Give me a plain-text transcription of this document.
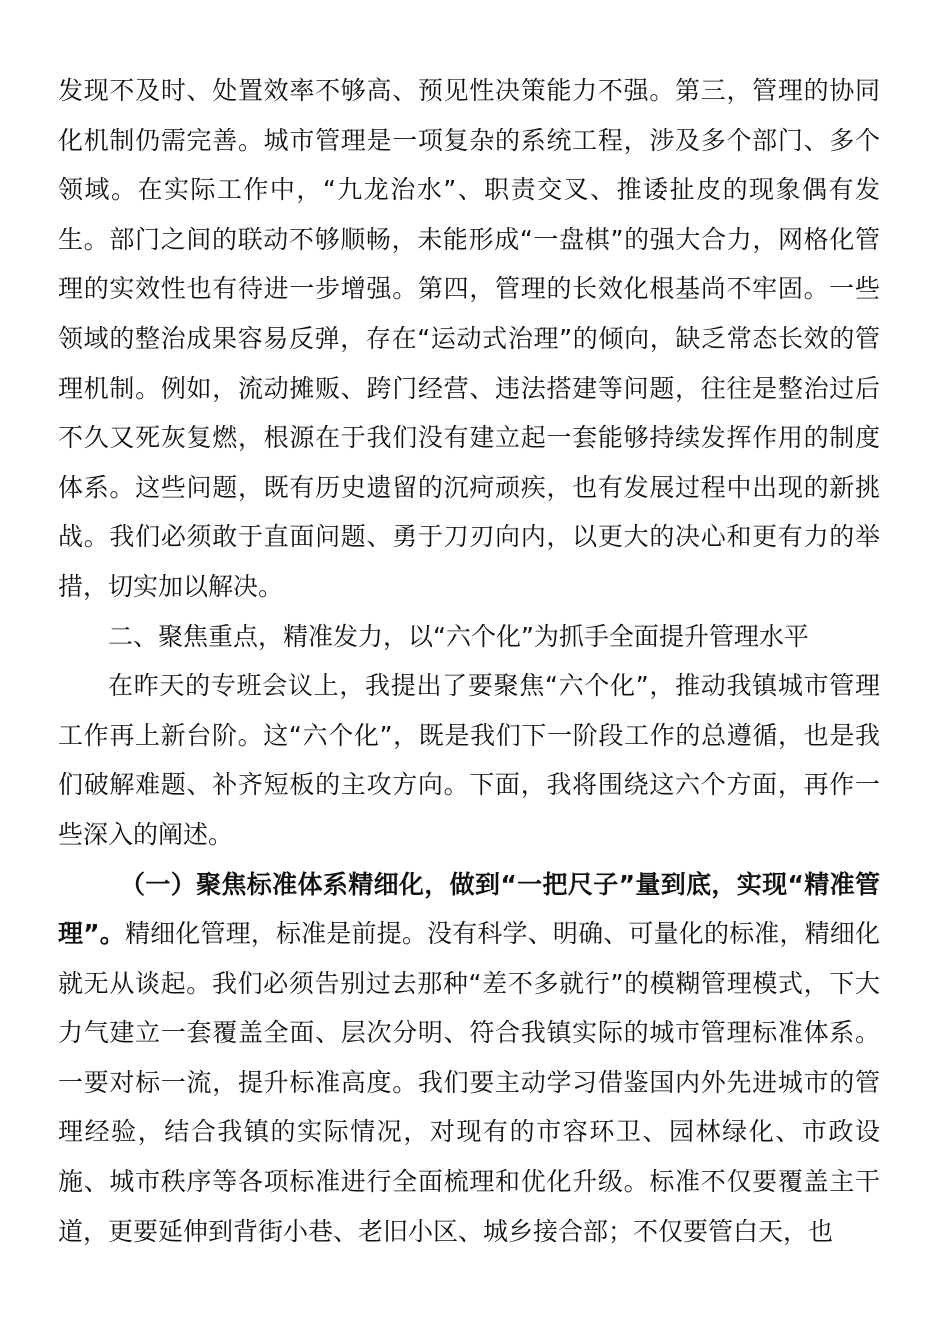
发现不及时、处置效率不够高、预见性决策能力不强。第三，管理的协同化机制仍需完善。城市管理是一项复杂的系统工程，涉及多个部门、多个领域。在实际工作中，“九龙治水”、职责交叉、推诿扯皮的现象偶有发生。部门之间的联动不够顺畅，未能形成“一盘棋”的强大合力，网格化管理的实效性也有待进一步增强。第四，管理的长效化根基尚不牢固。一些领域的整治成果容易反弹，存在“运动式治理”的倾向，缺乏常态长效的管理机制。例如，流动摊贩、跨门经营、违法搭建等问题，往往是整治过后不久又死灰复燃，根源在于我们没有建立起一套能够持续发挥作用的制度体系。这些问题，既有历史遗留的沉疴顽疾，也有发展过程中出现的新挑战。我们必须敢于直面问题、勇于刀刃向内，以更大的决心和更有力的举措，切实加以解决。

二、聚焦重点，精准发力，以“六个化”为抓手全面提升管理水平

在昨天的专班会议上，我提出了要聚焦“六个化”，推动我镇城市管理工作再上新台阶。这“六个化”，既是我们下一阶段工作的总遵循，也是我们破解难题、补齐短板的主攻方向。下面，我将围绕这六个方面，再作一些深入的阐述。

（一）聚焦标准体系精细化，做到“一把尺子”量到底，实现“精准管理”。精细化管理，标准是前提。没有科学、明确、可量化的标准，精细化就无从谈起。我们必须告别过去那种“差不多就行”的模糊管理模式，下大力气建立一套覆盖全面、层次分明、符合我镇实际的城市管理标准体系。一要对标一流，提升标准高度。我们要主动学习借鉴国内外先进城市的管理经验，结合我镇的实际情况，对现有的市容环卫、园林绿化、市政设施、城市秩序等各项标准进行全面梳理和优化升级。标准不仅要覆盖主干道，更要延伸到背街小巷、老旧小区、城乡接合部；不仅要管白天，也
